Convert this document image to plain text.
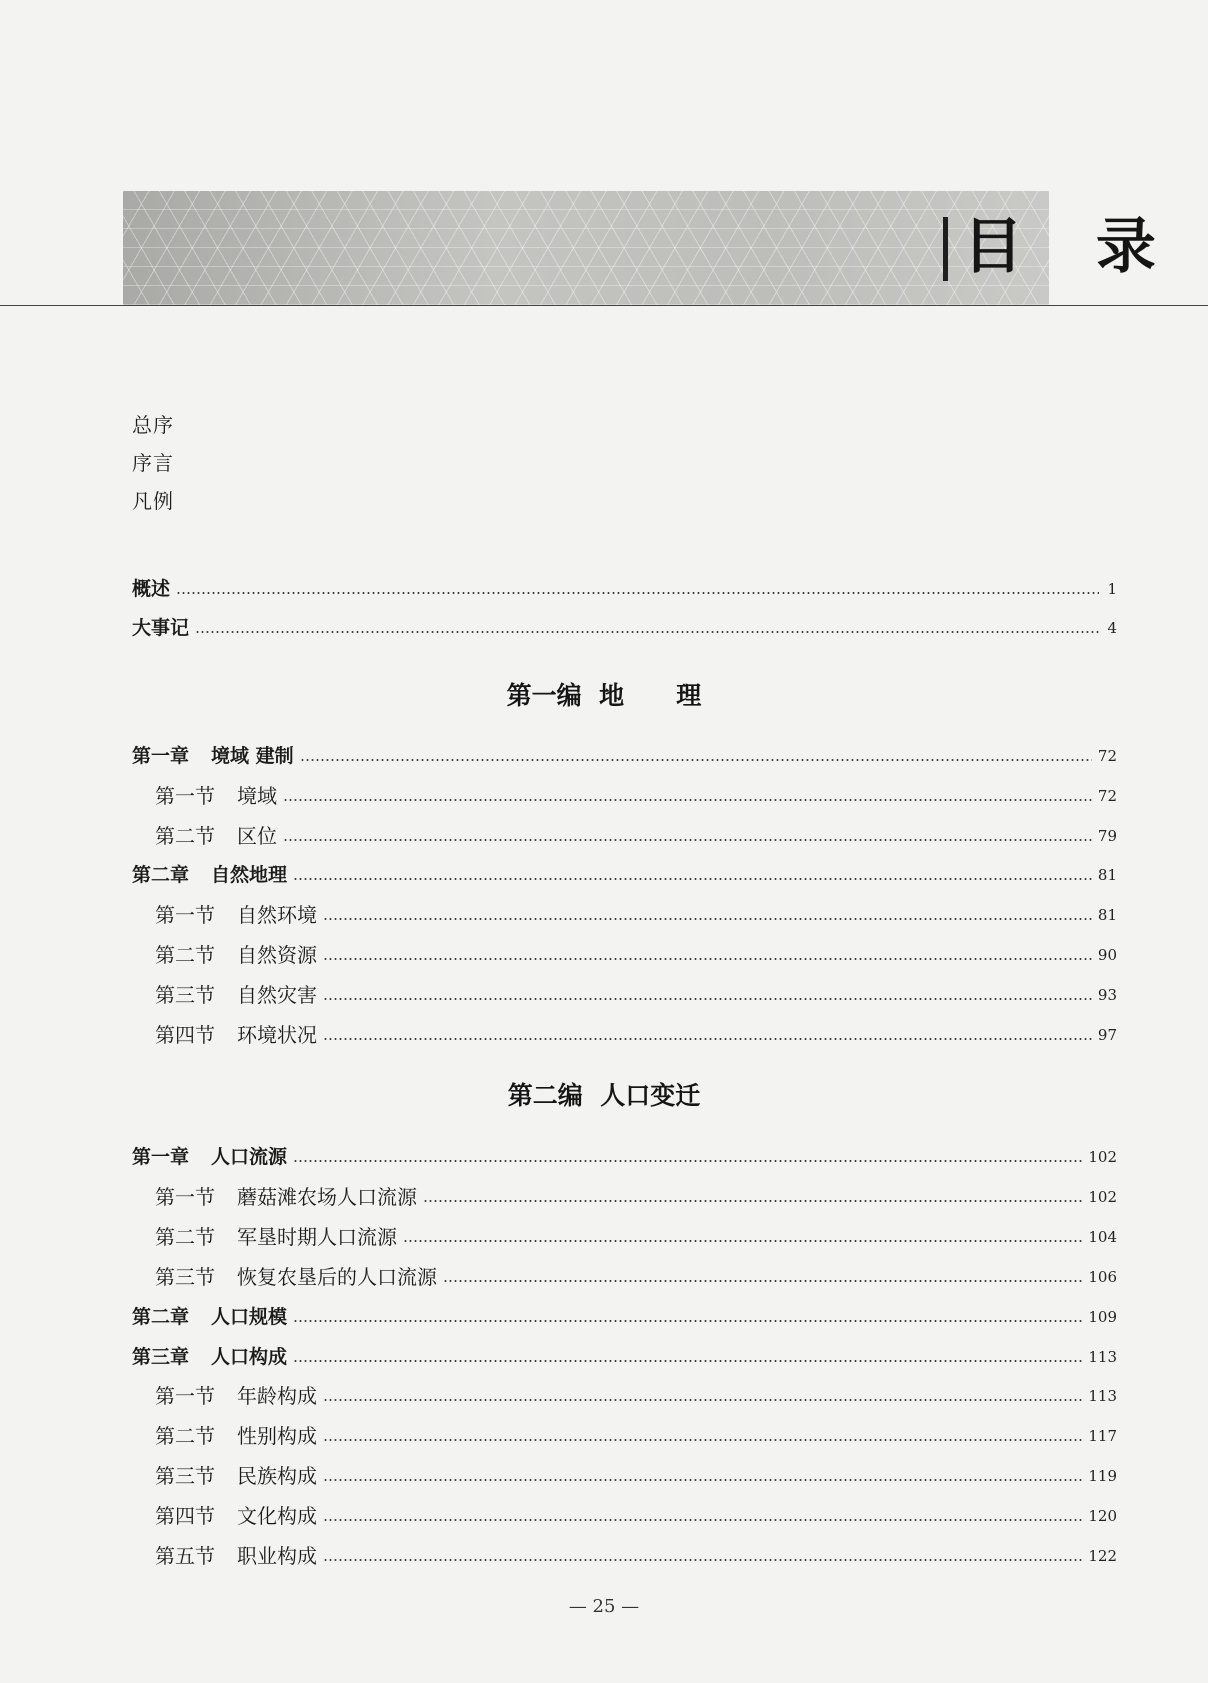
目 录
总序
序言
凡例
概述	1
大事记	4
第一编  地      理
第一章 境域 建制	72
第一节 境域	72
第二节 区位	79
第二章 自然地理	81
第一节 自然环境	81
第二节 自然资源	90
第三节 自然灾害	93
第四节 环境状况	97
第二编  人口变迁
第一章 人口流源	102
第一节 蘑菇滩农场人口流源	102
第二节 军垦时期人口流源	104
第三节 恢复农垦后的人口流源	106
第二章 人口规模	109
第三章 人口构成	113
第一节 年龄构成	113
第二节 性别构成	117
第三节 民族构成	119
第四节 文化构成	120
第五节 职业构成	122
— 25 —
